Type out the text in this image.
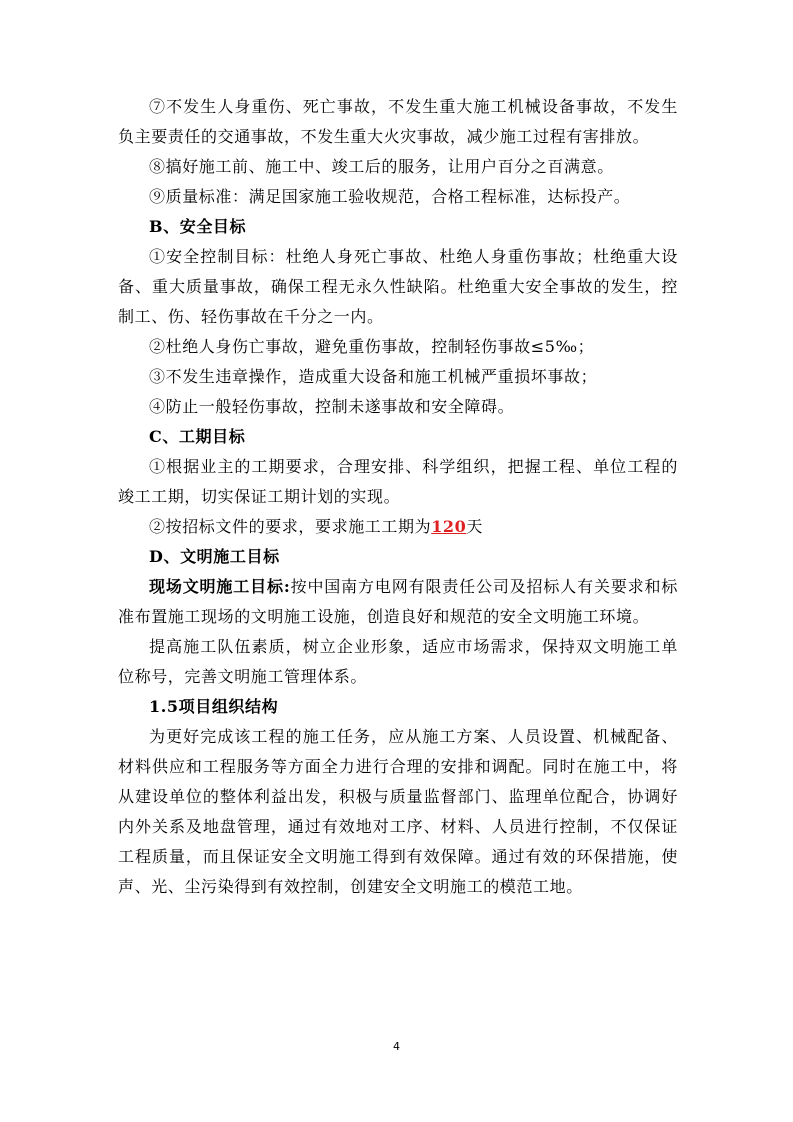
⑦不发生人身重伤、死亡事故，不发生重大施工机械设备事故，不发生负主要责任的交通事故，不发生重大火灾事故，减少施工过程有害排放。

⑧搞好施工前、施工中、竣工后的服务，让用户百分之百满意。

⑨质量标准：满足国家施工验收规范，合格工程标准，达标投产。

B、安全目标

①安全控制目标：杜绝人身死亡事故、杜绝人身重伤事故；杜绝重大设备、重大质量事故，确保工程无永久性缺陷。杜绝重大安全事故的发生，控制工、伤、轻伤事故在千分之一内。

②杜绝人身伤亡事故，避免重伤事故，控制轻伤事故≤5‰；

③不发生违章操作，造成重大设备和施工机械严重损坏事故；

④防止一般轻伤事故，控制未遂事故和安全障碍。

C、工期目标

①根据业主的工期要求，合理安排、科学组织，把握工程、单位工程的竣工工期，切实保证工期计划的实现。

②按招标文件的要求，要求施工工期为120天

D、文明施工目标

现场文明施工目标:按中国南方电网有限责任公司及招标人有关要求和标准布置施工现场的文明施工设施，创造良好和规范的安全文明施工环境。

提高施工队伍素质，树立企业形象，适应市场需求，保持双文明施工单位称号，完善文明施工管理体系。

1.5项目组织结构

为更好完成该工程的施工任务，应从施工方案、人员设置、机械配备、材料供应和工程服务等方面全力进行合理的安排和调配。同时在施工中，将从建设单位的整体利益出发，积极与质量监督部门、监理单位配合，协调好内外关系及地盘管理，通过有效地对工序、材料、人员进行控制，不仅保证工程质量，而且保证安全文明施工得到有效保障。通过有效的环保措施，使声、光、尘污染得到有效控制，创建安全文明施工的模范工地。

4
